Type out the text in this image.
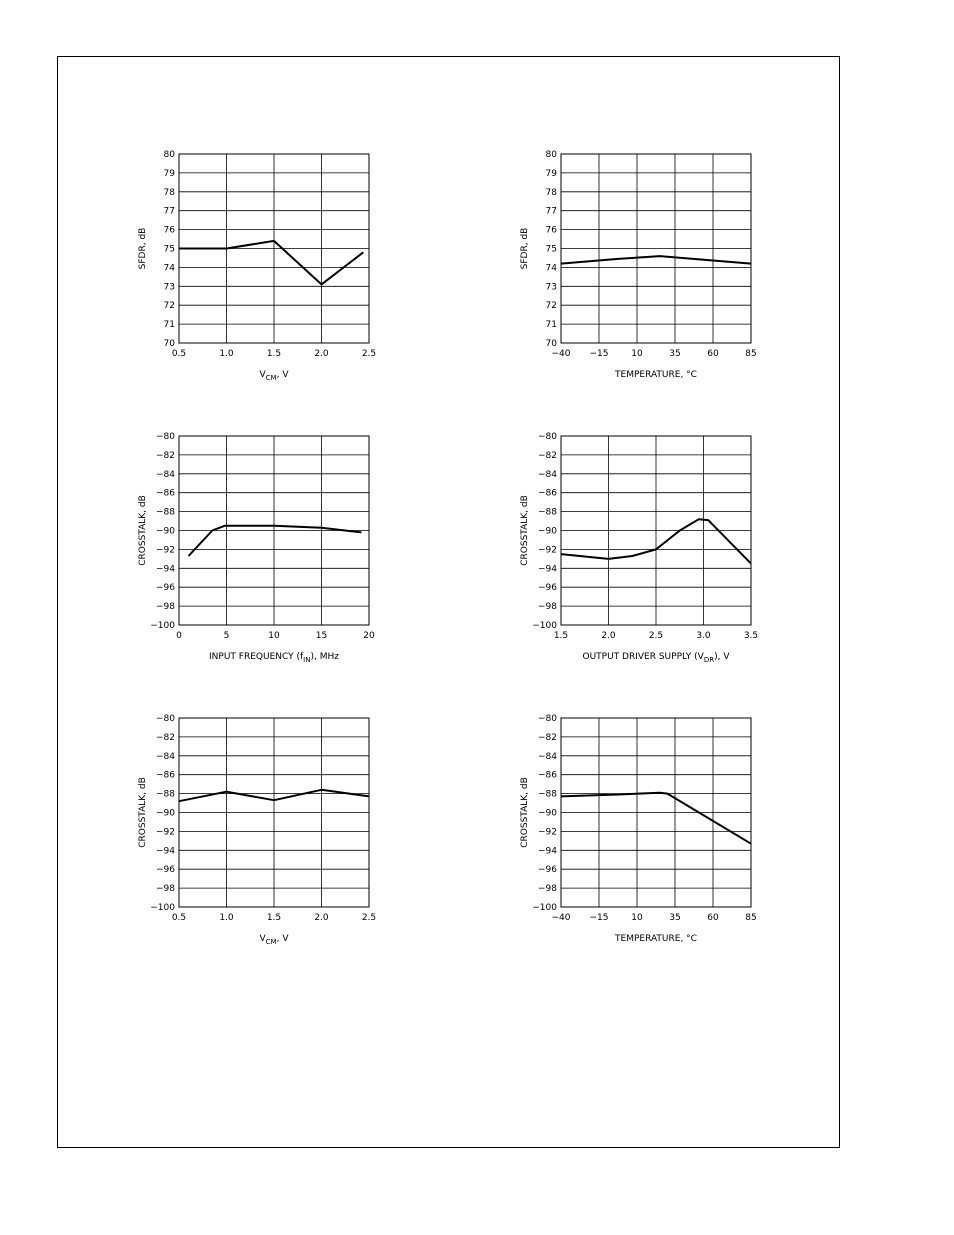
0.5	1.0	1.5	2.0	2.5
70
71
72
73
74
75
76
77
78
79
80
$V_{CM}$, V
SFDR, dB
−40 −15	10	35	60	85
70
71
72
73
74
75
76
77
78
79
80
TEMPERATURE, °C
SFDR, dB
0	5	10	15	20
−100
−98
−96
−94
−92
−90
−88
−86
−84
−82
−80
INPUT FREQUENCY $(f_{IN})$, MHz
CROSSTALK, dB
1.5	2.0	2.5	3.0	3.5
−100
−98
−96
−94
−92
−90
−88
−86
−84
−82
−80
OUTPUT DRIVER SUPPLY $(V_{DR})$, V
CROSSTALK, dB
0.5	1.0	1.5	2.0	2.5
−100
−98
−96
−94
−92
−90
−88
−86
−84
−82
−80
$V_{CM}$, V
CROSSTALK, dB
−40 −15	10	35	60	85
−100
−98
−96
−94
−92
−90
−88
−86
−84
−82
−80
TEMPERATURE, °C
CROSSTALK, dB
